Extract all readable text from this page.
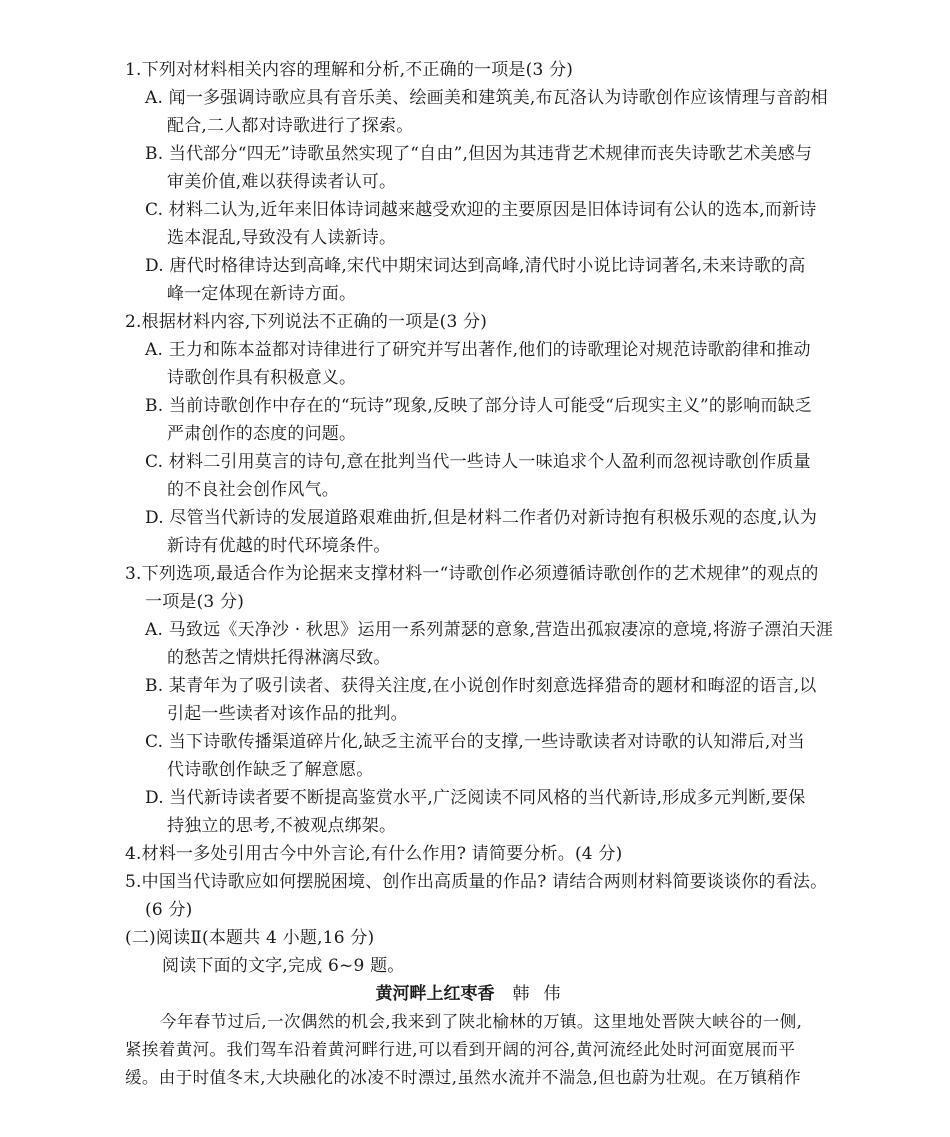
1.下列对材料相关内容的理解和分析,不正确的一项是(3 分)
A. 闻一多强调诗歌应具有音乐美、绘画美和建筑美,布瓦洛认为诗歌创作应该情理与音韵相
配合,二人都对诗歌进行了探索。
B. 当代部分“四无”诗歌虽然实现了“自由”,但因为其违背艺术规律而丧失诗歌艺术美感与
审美价值,难以获得读者认可。
C. 材料二认为,近年来旧体诗词越来越受欢迎的主要原因是旧体诗词有公认的选本,而新诗
选本混乱,导致没有人读新诗。
D. 唐代时格律诗达到高峰,宋代中期宋词达到高峰,清代时小说比诗词著名,未来诗歌的高
峰一定体现在新诗方面。
2.根据材料内容,下列说法不正确的一项是(3 分)
A. 王力和陈本益都对诗律进行了研究并写出著作,他们的诗歌理论对规范诗歌韵律和推动
诗歌创作具有积极意义。
B. 当前诗歌创作中存在的“玩诗”现象,反映了部分诗人可能受“后现实主义”的影响而缺乏
严肃创作的态度的问题。
C. 材料二引用莫言的诗句,意在批判当代一些诗人一味追求个人盈利而忽视诗歌创作质量
的不良社会创作风气。
D. 尽管当代新诗的发展道路艰难曲折,但是材料二作者仍对新诗抱有积极乐观的态度,认为
新诗有优越的时代环境条件。
3.下列选项,最适合作为论据来支撑材料一“诗歌创作必须遵循诗歌创作的艺术规律”的观点的
一项是(3 分)
A. 马致远《天净沙 · 秋思》运用一系列萧瑟的意象,营造出孤寂凄凉的意境,将游子漂泊天涯
的愁苦之情烘托得淋漓尽致。
B. 某青年为了吸引读者、获得关注度,在小说创作时刻意选择猎奇的题材和晦涩的语言,以
引起一些读者对该作品的批判。
C. 当下诗歌传播渠道碎片化,缺乏主流平台的支撑,一些诗歌读者对诗歌的认知滞后,对当
代诗歌创作缺乏了解意愿。
D. 当代新诗读者要不断提高鉴赏水平,广泛阅读不同风格的当代新诗,形成多元判断,要保
持独立的思考,不被观点绑架。
4.材料一多处引用古今中外言论,有什么作用? 请简要分析。(4 分)
5.中国当代诗歌应如何摆脱困境、创作出高质量的作品? 请结合两则材料简要谈谈你的看法。
(6 分)
(二)阅读Ⅱ(本题共 4 小题,16 分)
阅读下面的文字,完成 6~9 题。
黄河畔上红枣香 韩伟
今年春节过后,一次偶然的机会,我来到了陕北榆林的万镇。这里地处晋陕大峡谷的一侧,
紧挨着黄河。我们驾车沿着黄河畔行进,可以看到开阔的河谷,黄河流经此处时河面宽展而平
缓。由于时值冬末,大块融化的冰凌不时漂过,虽然水流并不湍急,但也蔚为壮观。在万镇稍作
